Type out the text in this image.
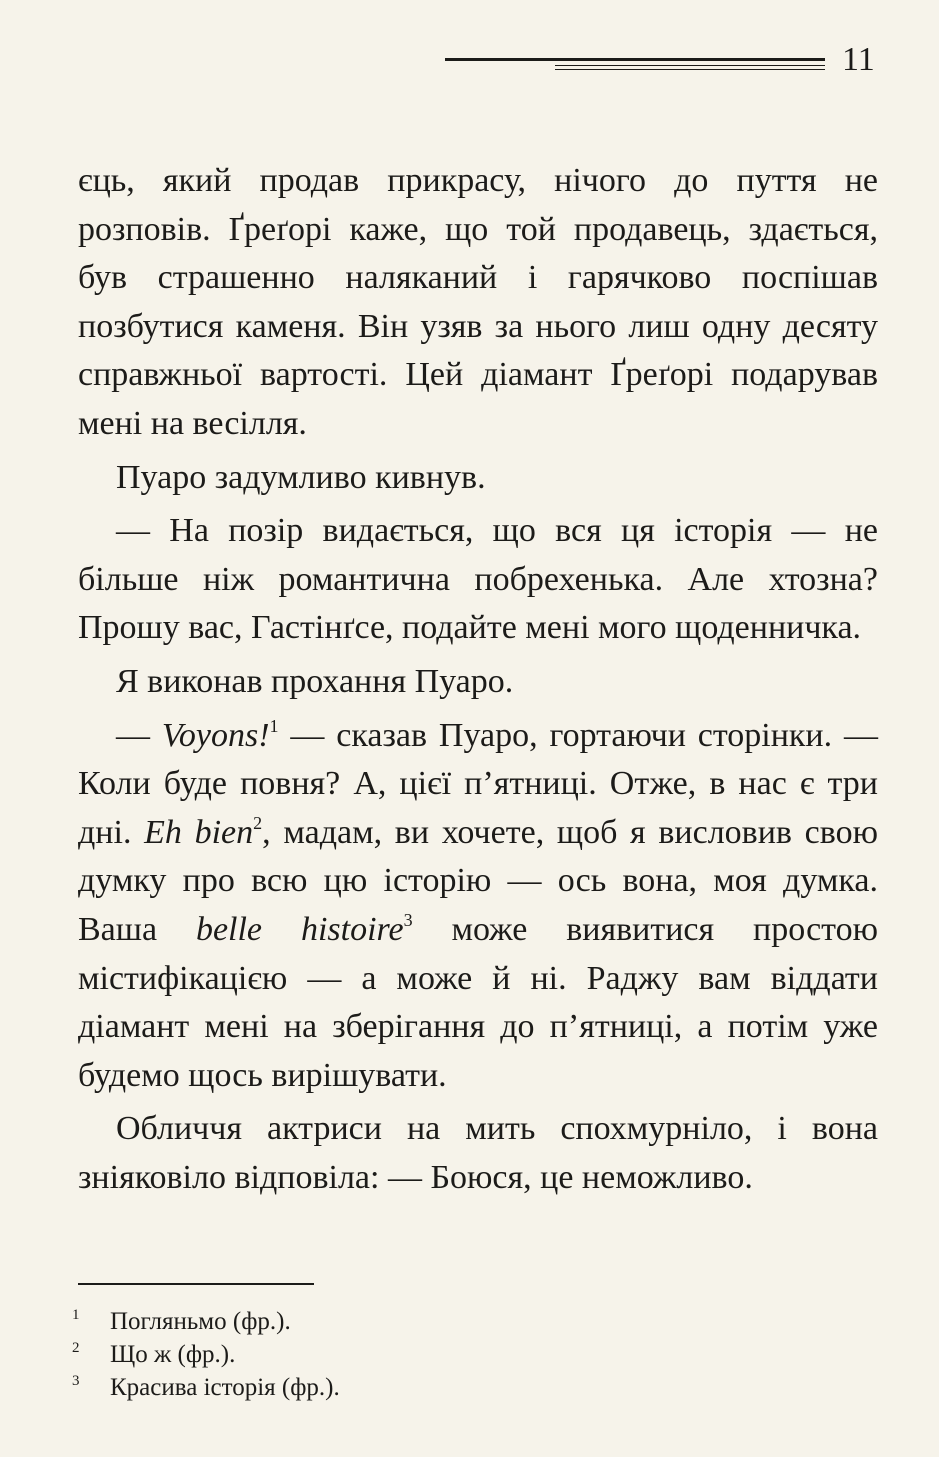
11

єць, який продав прикрасу, нічого до пуття не розповів. Ґреґорі каже, що той продавець, здається, був страшенно наляканий і гарячково поспішав позбутися каменя. Він узяв за нього лиш одну десяту справжньої вартості. Цей діамант Ґреґорі подарував мені на весілля.

Пуаро задумливо кивнув.

— На позір видається, що вся ця історія — не більше ніж романтична побрехенька. Але хтозна? Прошу вас, Гастінґсе, подайте мені мого щоденничка.

Я виконав прохання Пуаро.

— Voyons!$^1$ — сказав Пуаро, гортаючи сторінки. — Коли буде повня? А, цієї п’ятниці. Отже, в нас є три дні. Eh bien$^2$, мадам, ви хочете, щоб я висловив свою думку про всю цю історію — ось вона, моя думка. Ваша belle histoire$^3$ може виявитися простою містифікацією — а може й ні. Раджу вам віддати діамант мені на зберігання до п’ятниці, а потім уже будемо щось вирішувати.

Обличчя актриси на мить спохмурніло, і вона зніяковіло відповіла: — Боюся, це неможливо.

1 Погляньмо (фр.).
2 Що ж (фр.).
3 Красива історія (фр.).
